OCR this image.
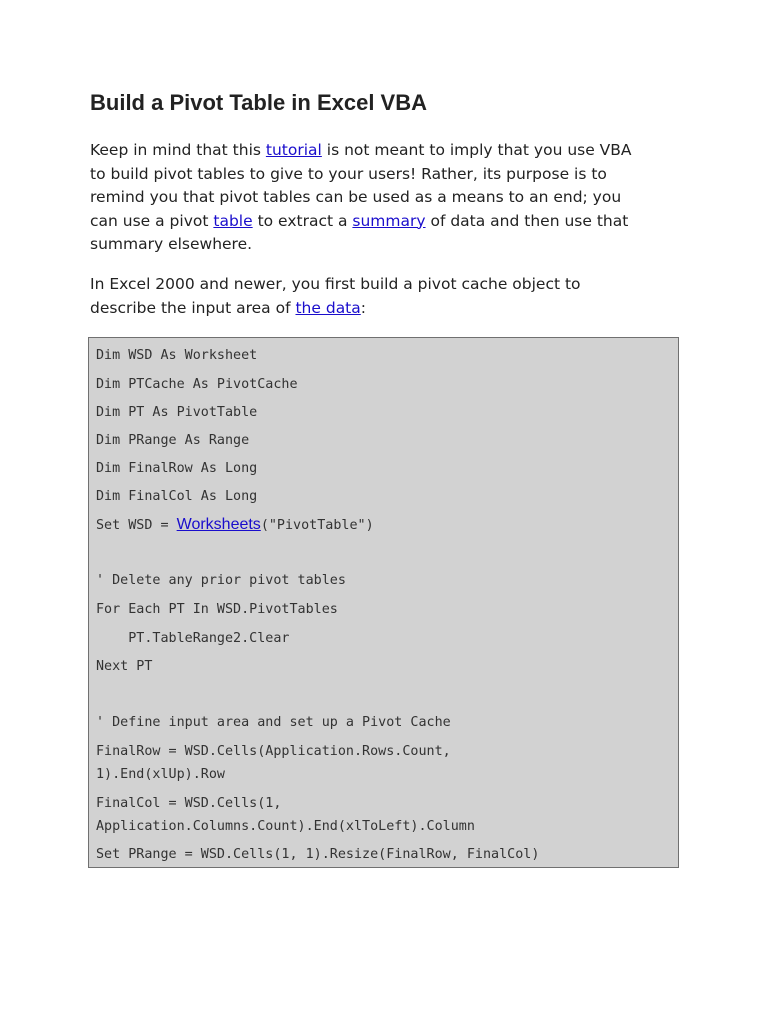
Build a Pivot Table in Excel VBA

Keep in mind that this tutorial is not meant to imply that you use VBA
to build pivot tables to give to your users! Rather, its purpose is to
remind you that pivot tables can be used as a means to an end; you
can use a pivot table to extract a summary of data and then use that
summary elsewhere.

In Excel 2000 and newer, you first build a pivot cache object to
describe the input area of the data:

Dim WSD As Worksheet
Dim PTCache As PivotCache
Dim PT As PivotTable
Dim PRange As Range
Dim FinalRow As Long
Dim FinalCol As Long
Set WSD = Worksheets("PivotTable")
' Delete any prior pivot tables
For Each PT In WSD.PivotTables
PT.TableRange2.Clear
Next PT
' Define input area and set up a Pivot Cache
FinalRow = WSD.Cells(Application.Rows.Count,
1).End(xlUp).Row
FinalCol = WSD.Cells(1,
Application.Columns.Count).End(xlToLeft).Column
Set PRange = WSD.Cells(1, 1).Resize(FinalRow, FinalCol)
